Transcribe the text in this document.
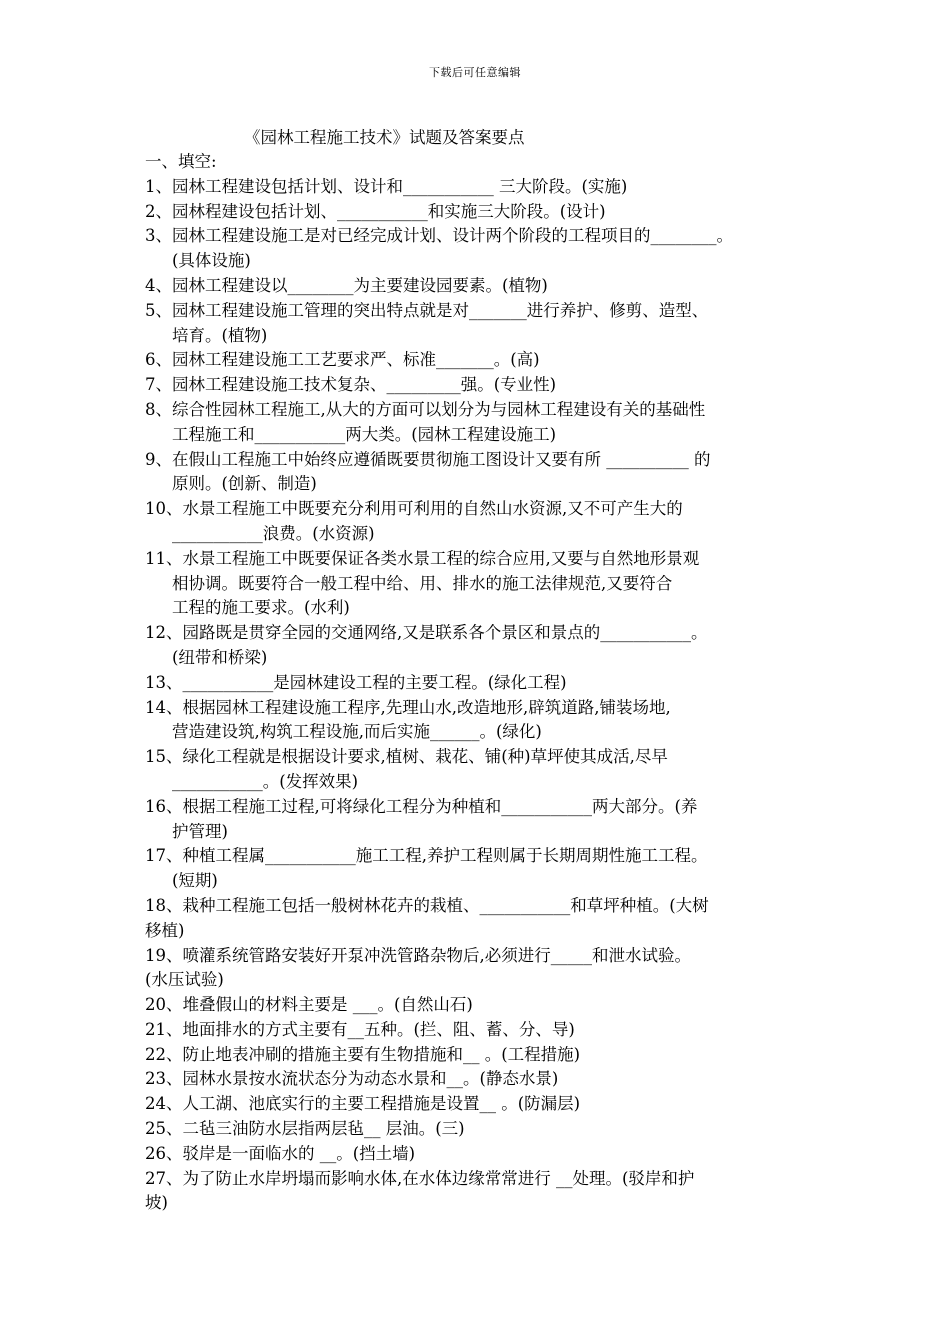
下载后可任意编辑
《园林工程施工技术》试题及答案要点
一、填空:
1、园林工程建设包括计划、设计和___________ 三大阶段。(实施)
2、园林程建设包括计划、___________和实施三大阶段。(设计)
3、园林工程建设施工是对已经完成计划、设计两个阶段的工程项目的________。
(具体设施)
4、园林工程建设以________为主要建设园要素。(植物)
5、园林工程建设施工管理的突出特点就是对_______进行养护、修剪、造型、
培育。(植物)
6、园林工程建设施工工艺要求严、标准_______。(高)
7、园林工程建设施工技术复杂、_________强。(专业性)
8、综合性园林工程施工,从大的方面可以划分为与园林工程建设有关的基础性
工程施工和___________两大类。(园林工程建设施工)
9、在假山工程施工中始终应遵循既要贯彻施工图设计又要有所 __________ 的
原则。(创新、制造)
10、水景工程施工中既要充分利用可利用的自然山水资源,又不可产生大的
___________浪费。(水资源)
11、水景工程施工中既要保证各类水景工程的综合应用,又要与自然地形景观
相协调。既要符合一般工程中给、用、排水的施工法律规范,又要符合
工程的施工要求。(水利)
12、园路既是贯穿全园的交通网络,又是联系各个景区和景点的___________。
(纽带和桥梁)
13、___________是园林建设工程的主要工程。(绿化工程)
14、根据园林工程建设施工程序,先理山水,改造地形,辟筑道路,铺装场地,
营造建设筑,构筑工程设施,而后实施______。(绿化)
15、绿化工程就是根据设计要求,植树、栽花、铺(种)草坪使其成活,尽早
___________。(发挥效果)
16、根据工程施工过程,可将绿化工程分为种植和___________两大部分。(养
护管理)
17、种植工程属___________施工工程,养护工程则属于长期周期性施工工程。
(短期)
18、栽种工程施工包括一般树林花卉的栽植、___________和草坪种植。(大树
移植)
19、喷灌系统管路安装好开泵冲洗管路杂物后,必须进行_____和泄水试验。
(水压试验)
20、堆叠假山的材料主要是 ___。(自然山石)
21、地面排水的方式主要有__五种。(拦、阻、蓄、分、导)
22、防止地表冲刷的措施主要有生物措施和__ 。(工程措施)
23、园林水景按水流状态分为动态水景和__。(静态水景)
24、人工湖、池底实行的主要工程措施是设置__ 。(防漏层)
25、二毡三油防水层指两层毡__ 层油。(三)
26、驳岸是一面临水的 __。(挡土墙)
27、为了防止水岸坍塌而影响水体,在水体边缘常常进行 __处理。(驳岸和护
坡)
